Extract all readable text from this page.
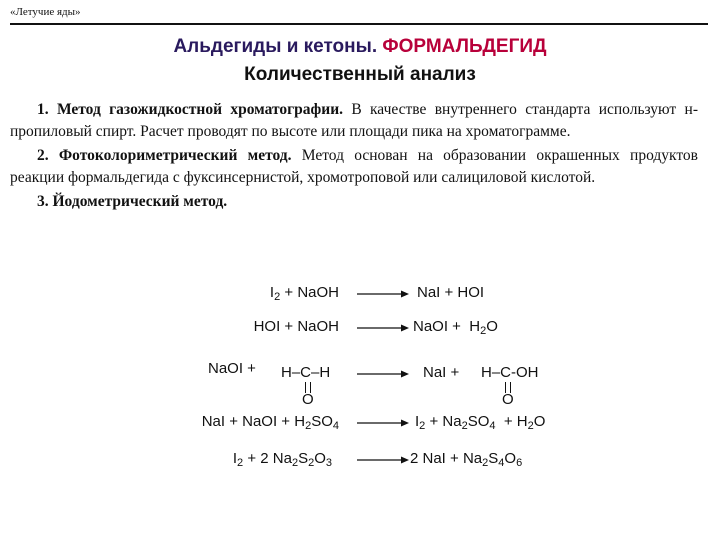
«Летучие яды»
Альдегиды и кетоны. ФОРМАЛЬДЕГИД
Количественный анализ

1. Метод газожидкостной хроматографии. В качестве внутреннего стандарта используют н-пропиловый спирт. Расчет проводят по высоте или площади пика на хроматограмме.

2. Фотоколориметрический метод. Метод основан на образовании окрашенных продуктов реакции формальдегида с фуксинсернистой, хромотроповой или салициловой кислотой.

3. Йодометрический метод.

$I_2$ + NaOH → NaI + HOI
HOI + NaOH → NaOI +  $H_2O$
NaOI + H–C–H
O
→ NaI + H–C-OH
O
NaI + NaOI + $H_2SO_4 \to I_2 + Na_2SO_4 + H_2O$
$I_2 + 2$ $Na_2S_2O_3 \to 2$ NaI + $Na_2S_4O_6$
